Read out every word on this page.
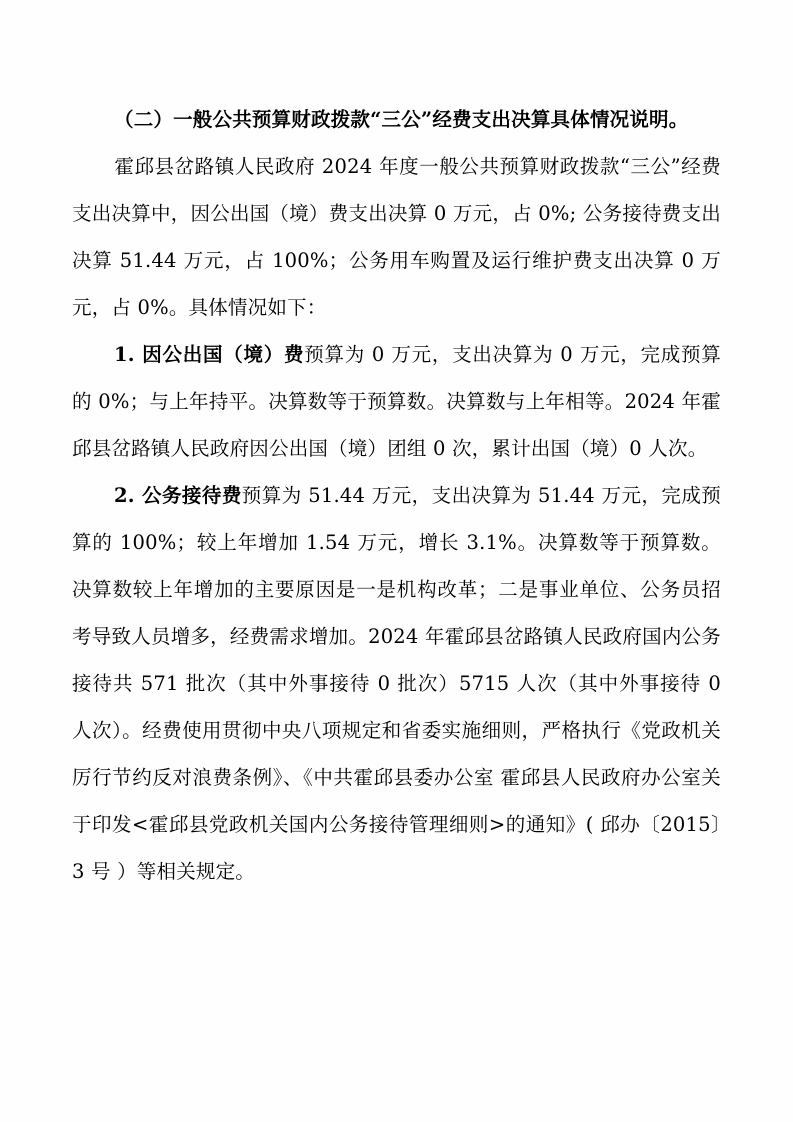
（二）一般公共预算财政拨款“三公”经费支出决算具体情况说明。

霍邱县岔路镇人民政府 2024 年度一般公共预算财政拨款“三公”经费支出决算中，因公出国（境）费支出决算 0 万元，占 0%; 公务接待费支出决算 51.44 万元，占 100%；公务用车购置及运行维护费支出决算 0 万元，占 0%。具体情况如下：

1. 因公出国（境）费预算为 0 万元，支出决算为 0 万元，完成预算的 0%；与上年持平。决算数等于预算数。决算数与上年相等。2024 年霍邱县岔路镇人民政府因公出国（境）团组 0 次，累计出国（境）0 人次。

2. 公务接待费预算为 51.44 万元，支出决算为 51.44 万元，完成预算的 100%；较上年增加 1.54 万元，增长 3.1%。决算数等于预算数。决算数较上年增加的主要原因是一是机构改革；二是事业单位、公务员招考导致人员增多，经费需求增加。2024 年霍邱县岔路镇人民政府国内公务接待共 571 批次（其中外事接待 0 批次）5715 人次（其中外事接待 0 人次）。经费使用贯彻中央八项规定和省委实施细则，严格执行《党政机关厉行节约反对浪费条例》、《中共霍邱县委办公室 霍邱县人民政府办公室关于印发<霍邱县党政机关国内公务接待管理细则>的通知》( 邱办〔2015〕3 号 ）等相关规定。
